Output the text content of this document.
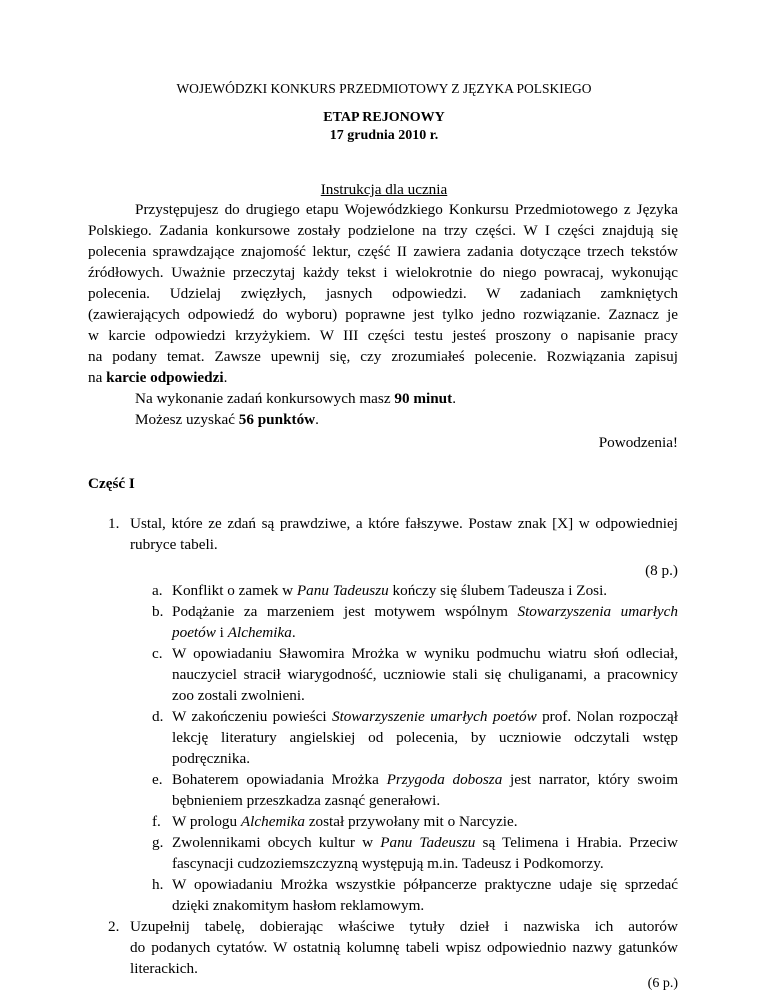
WOJEWÓDZKI KONKURS PRZEDMIOTOWY Z JĘZYKA POLSKIEGO
ETAP REJONOWY
17 grudnia 2010 r.
Instrukcja dla ucznia
Przystępujesz do drugiego etapu Wojewódzkiego Konkursu Przedmiotowego z Języka
Polskiego. Zadania konkursowe zostały podzielone na trzy części. W I części znajdują się
polecenia sprawdzające znajomość lektur, część II zawiera zadania dotyczące trzech tekstów
źródłowych. Uważnie przeczytaj każdy tekst i wielokrotnie do niego powracaj, wykonując
polecenia. Udzielaj zwięzłych, jasnych odpowiedzi. W zadaniach zamkniętych
(zawierających odpowiedź do wyboru) poprawne jest tylko jedno rozwiązanie. Zaznacz je
w karcie odpowiedzi krzyżykiem. W III części testu jesteś proszony o napisanie pracy
na podany temat. Zawsze upewnij się, czy zrozumiałeś polecenie. Rozwiązania zapisuj
na karcie odpowiedzi.
Na wykonanie zadań konkursowych masz 90 minut.
Możesz uzyskać 56 punktów.
Powodzenia!
Część I
1. Ustal, które ze zdań są prawdziwe, a które fałszywe. Postaw znak [X] w odpowiedniej
rubryce tabeli.
(8 p.)
a. Konflikt o zamek w Panu Tadeuszu kończy się ślubem Tadeusza i Zosi.
b. Podążanie za marzeniem jest motywem wspólnym Stowarzyszenia umarłych
poetów i Alchemika.
c. W opowiadaniu Sławomira Mrożka w wyniku podmuchu wiatru słoń odleciał,
nauczyciel stracił wiarygodność, uczniowie stali się chuliganami, a pracownicy
zoo zostali zwolnieni.
d. W zakończeniu powieści Stowarzyszenie umarłych poetów prof. Nolan rozpoczął
lekcję literatury angielskiej od polecenia, by uczniowie odczytali wstęp
podręcznika.
e. Bohaterem opowiadania Mrożka Przygoda dobosza jest narrator, który swoim
bębnieniem przeszkadza zasnąć generałowi.
f. W prologu Alchemika został przywołany mit o Narcyzie.
g. Zwolennikami obcych kultur w Panu Tadeuszu są Telimena i Hrabia. Przeciw
fascynacji cudzoziemszczyzną występują m.in. Tadeusz i Podkomorzy.
h. W opowiadaniu Mrożka wszystkie półpancerze praktyczne udaje się sprzedać
dzięki znakomitym hasłom reklamowym.
2. Uzupełnij tabelę, dobierając właściwe tytuły dzieł i nazwiska ich autorów
do podanych cytatów. W ostatnią kolumnę tabeli wpisz odpowiednio nazwy gatunków
literackich.
(6 p.)
